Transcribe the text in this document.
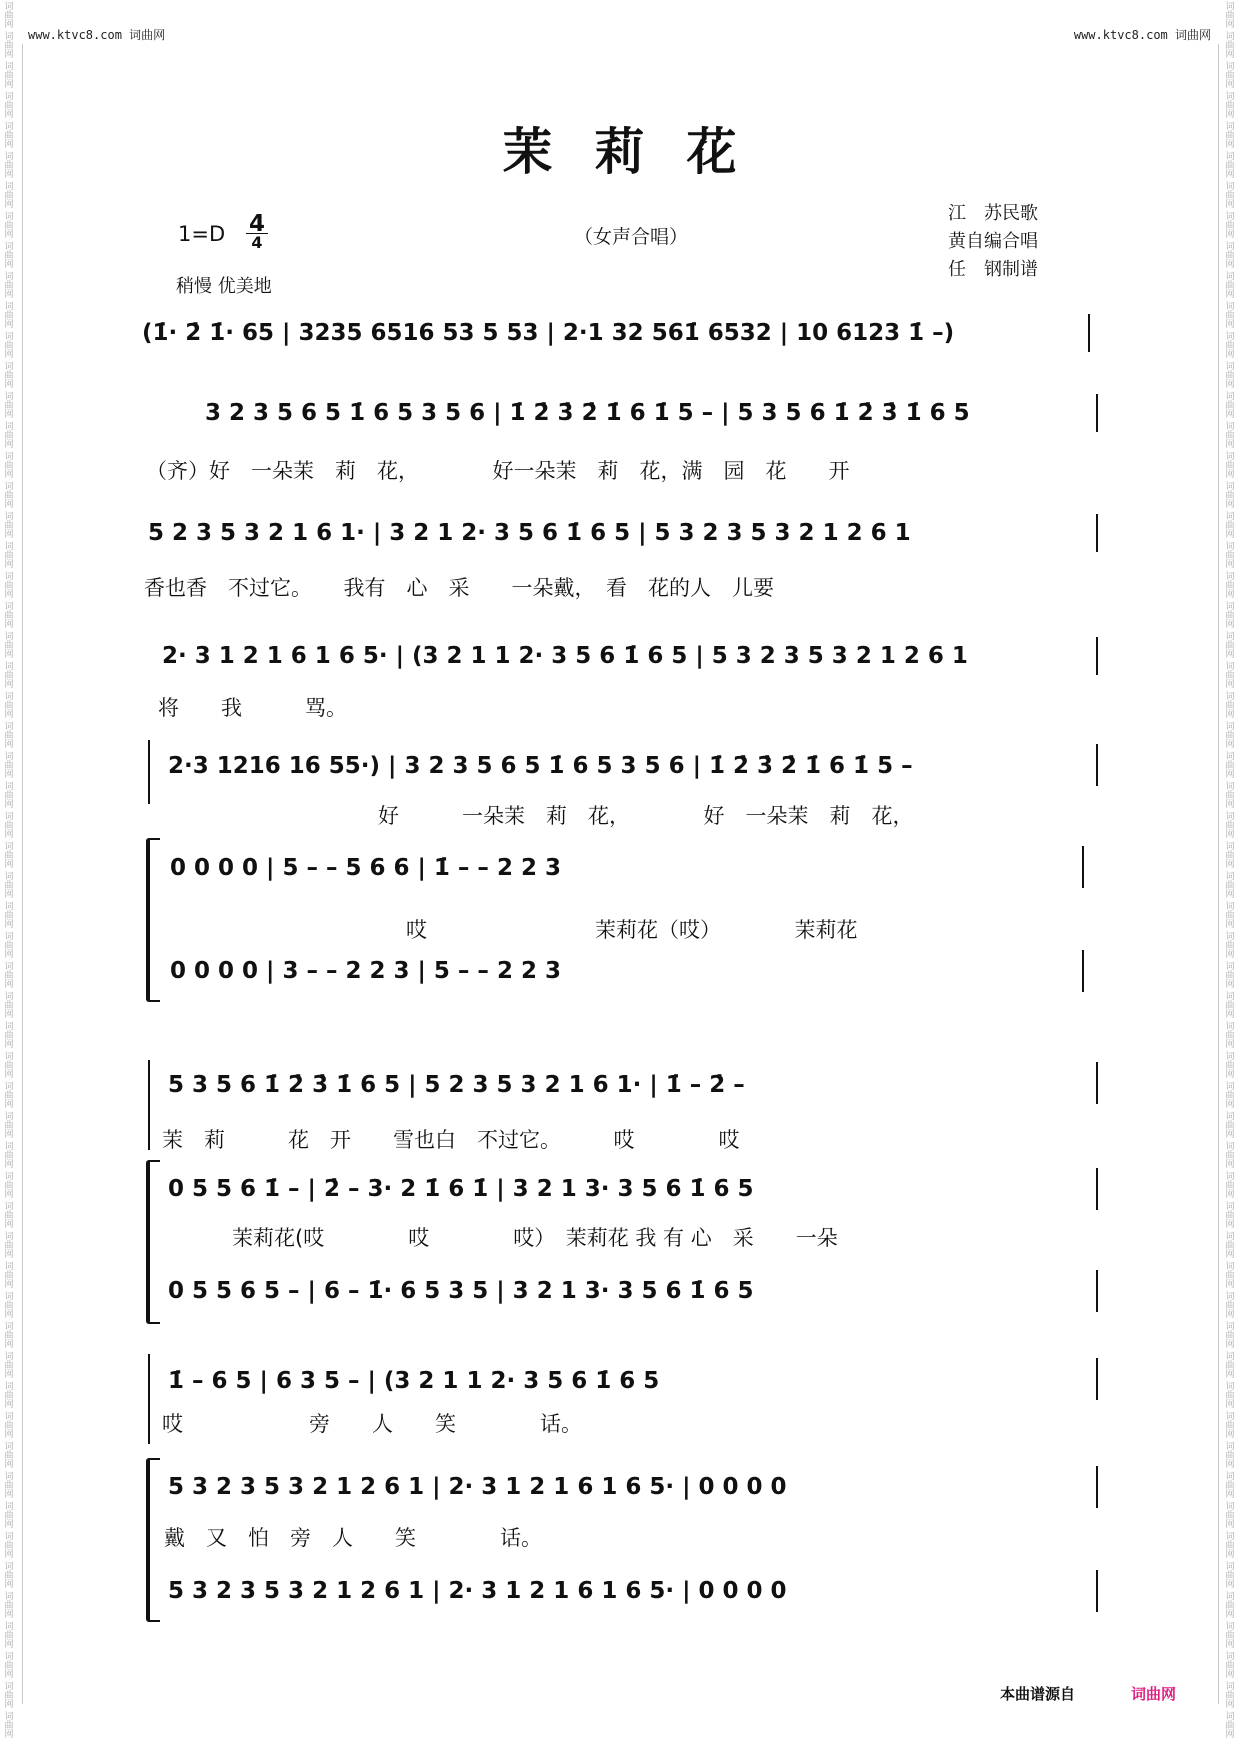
词
曲
网
词
曲
网
词
曲
网
词
曲
网
词
曲
网
词
曲
网
词
曲
网
词
曲
网
词
曲
网
词
曲
网
词
曲
网
词
曲
网
词
曲
网
词
曲
网
词
曲
网
词
曲
网
词
曲
网
词
曲
网
词
曲
网
词
曲
网
词
曲
网
词
曲
网
词
曲
网
词
曲
网
词
曲
网
词
曲
网
词
曲
网
词
曲
网
词
曲
网
词
曲
网
词
曲
网
词
曲
网
词
曲
网
词
曲
网
词
曲
网
词
曲
网
词
曲
网
词
曲
网
词
曲
网
词
曲
网
词
曲
网
词
曲
网
词
曲
网
词
曲
网
词
曲
网
词
曲
网
词
曲
网
词
曲
网
词
曲
网
词
曲
网
词
曲
网
词
曲
网
词
曲
网
词
曲
网
词
曲
网
词
曲
网
词
曲
网
词
曲
网
词
曲
网
词
曲
网
词
曲
网
词
曲
网
词
曲
网
词
曲
网
词
曲
网
词
曲
网
词
曲
网
词
曲
网
词
曲
网
词
曲
网
词
曲
网
词
曲
网
词
曲
网
词
曲
网
词
曲
网
词
曲
网
词
曲
网
词
曲
网
词
曲
网
词
曲
网
词
曲
网
词
曲
网
词
曲
网
词
曲
网
词
曲
网
词
曲
网
词
曲
网
词
曲
网
词
曲
网
词
曲
网
词
曲
网
词
曲
网
词
曲
网
词
曲
网
词
曲
网
词
曲
网
词
曲
网
词
曲
网
词
曲
网
词
曲
网
词
曲
网
词
曲
网
词
曲
网
词
曲
网
词
曲
网
词
曲
网
词
曲
网
词
曲
网
词
曲
网
词
曲
网
词
曲
网
词
曲
网
词
曲
网
词
曲
网
词
曲
网
词
曲
网
www.ktvc8.com 词曲网	www.ktvc8.com 词曲网
茉莉花
1=D 4
4
稍慢 优美地
（女声合唱）
江　苏民歌
黄自编合唱
任　钢制谱
(1̇· 2̇ 1̇· 65 | 3235 6516 53 5 53 | 2·1 32 561̇ 6532 | 10 6123 1̇ –)
3 2 3 5 6 5 1̇ 6 5 3 5 6 | 1̇ 2̇ 3̇ 2̇ 1̇ 6 1̇ 5 – | 5 3 5 6 1̇ 2̇ 3̇ 1̇ 6 5
（齐）好　一朵茉　莉　花，　　　　好一朵茉　莉　花，满　园　花　　开
5 2 3 5 3 2 1 6 1· | 3 2 1 2· 3 5 6 1̇ 6 5 | 5 3 2 3 5 3 2 1 2 6 1
香也香　不过它。　　我有　心　采　　一朵戴，　看　花的人　儿要
2· 3 1 2 1 6 1 6 5· | (3 2 1 1 2· 3 5 6 1̇ 6 5 | 5 3 2 3 5 3 2 1 2 6 1
将　　我　　　骂。
2·3 1216 16 55·) | 3 2 3 5 6 5 1̇ 6 5 3 5 6 | 1̇ 2̇ 3̇ 2̇ 1̇ 6 1̇ 5 –
好　　　一朵茉　莉　花，　　　　好　一朵茉　莉　花，
0 0 0 0 | 5 – – 5 6 6 | 1̇ – – 2 2 3
哎　　　　　　　　茉莉花（哎）　　　　茉莉花
0 0 0 0 | 3 – – 2 2 3 | 5 – – 2 2 3
5 3 5 6 1̇ 2̇ 3̇ 1̇ 6 5 | 5 2 3 5 3 2 1 6 1· | 1̇ – 2̇ –
茉　莉　　　花　开　　雪也白　不过它。　　　哎　　　　哎
0 5 5 6 1̇ – | 2̇ – 3· 2 1̇ 6 1̇ | 3 2 1 3· 3 5 6 1̇ 6 5
茉莉花(哎　　　　哎　　　　哎）　茉莉花 我 有 心　采　　一朵
0 5 5 6 5 – | 6 – 1̇· 6 5 3 5 | 3 2 1 3· 3 5 6 1̇ 6 5
1̇ – 6 5 | 6 3 5 – | (3 2 1 1 2· 3 5 6 1̇ 6 5
哎　　　　　　旁　　人　　笑　　　　话。
5 3 2 3 5 3 2 1 2 6 1 | 2· 3 1 2 1 6 1 6 5· | 0 0 0 0
戴　又　怕　旁　人　　笑　　　　话。
5 3 2 3 5 3 2 1 2 6 1 | 2· 3 1 2 1 6 1 6 5· | 0 0 0 0
本曲谱源自	词曲网
